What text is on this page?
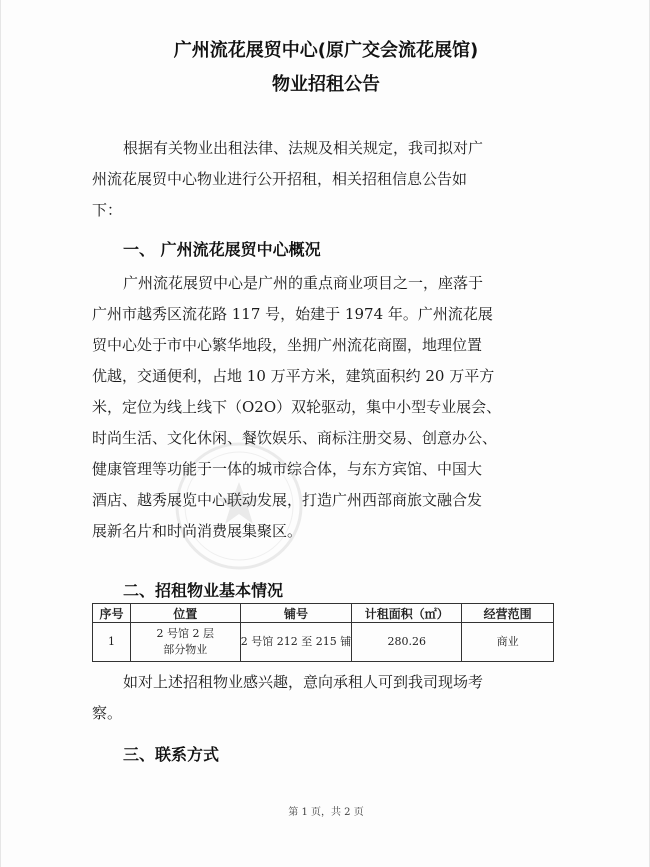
广州流花展贸中心(原广交会流花展馆)
物业招租公告
根据有关物业出租法律、法规及相关规定，我司拟对广
州流花展贸中心物业进行公开招租，相关招租信息公告如
下：
一、 广州流花展贸中心概况
广州流花展贸中心是广州的重点商业项目之一，座落于
广州市越秀区流花路 117 号，始建于 1974 年。广州流花展
贸中心处于市中心繁华地段，坐拥广州流花商圈，地理位置
优越，交通便利，占地 10 万平方米，建筑面积约 20 万平方
米，定位为线上线下（O2O）双轮驱动，集中小型专业展会、
时尚生活、文化休闲、餐饮娱乐、商标注册交易、创意办公、
健康管理等功能于一体的城市综合体，与东方宾馆、中国大
酒店、越秀展览中心联动发展，打造广州西部商旅文融合发
展新名片和时尚消费展集聚区。
二、招租物业基本情况
序号	位置	铺号	计租面积（㎡）	经营范围
1	2 号馆 2 层
部分物业	2 号馆 212 至 215 铺	280.26	商业
如对上述招租物业感兴趣，意向承租人可到我司现场考
察。
三、联系方式
第 1 页，共 2 页
